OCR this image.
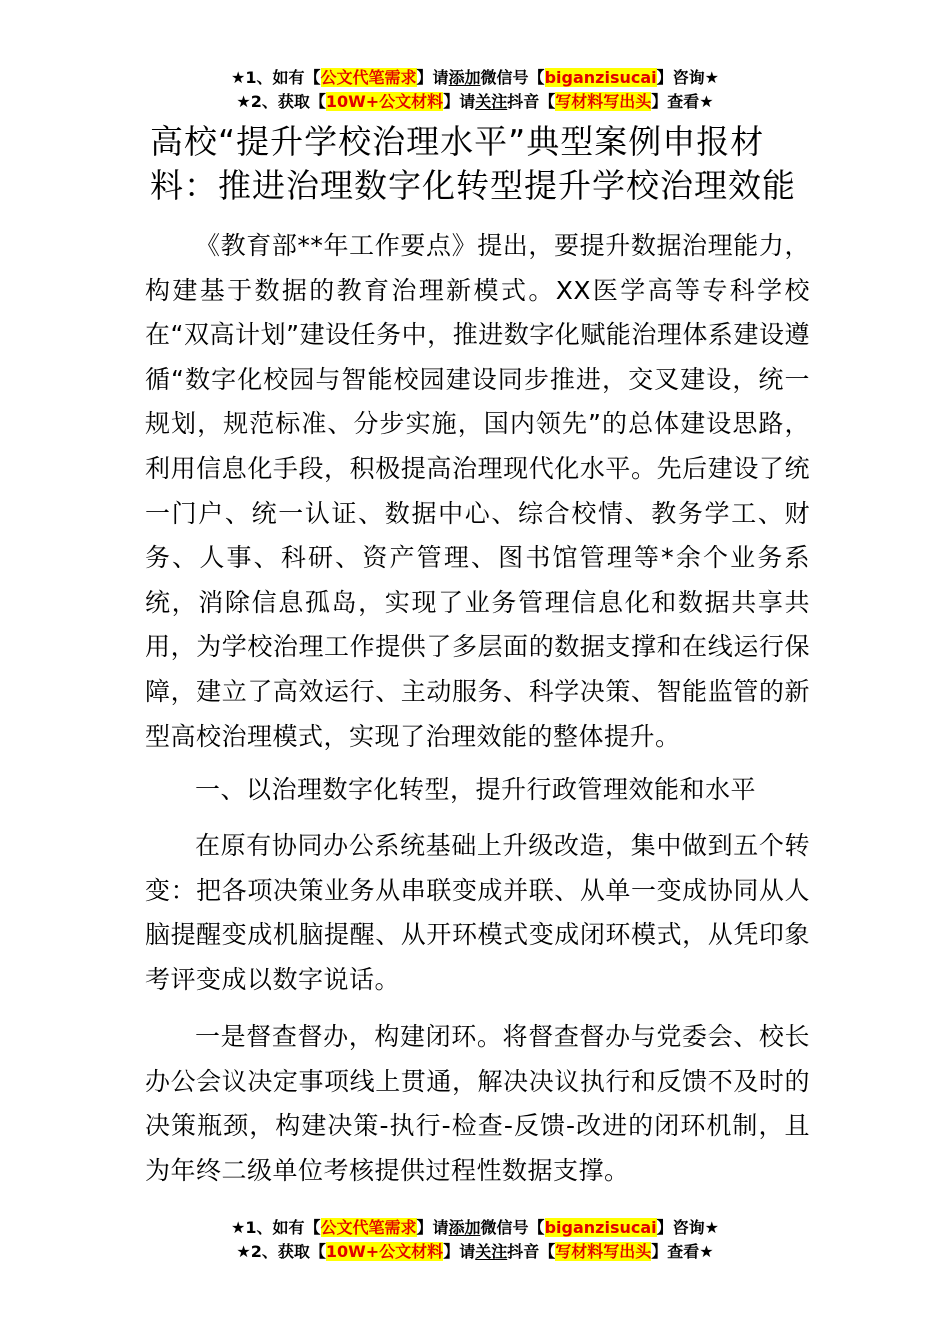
★1、如有【公文代笔需求】请添加微信号【biganzisucai】咨询★
★2、获取【10W+公文材料】请关注抖音【写材料写出头】查看★
高校“提升学校治理水平”典型案例申报材料：推进治理数字化转型提升学校治理效能

《教育部**年工作要点》提出，要提升数据治理能力，构建基于数据的教育治理新模式。XX医学高等专科学校在“双高计划”建设任务中，推进数字化赋能治理体系建设遵循“数字化校园与智能校园建设同步推进，交叉建设，统一规划，规范标准、分步实施，国内领先”的总体建设思路，利用信息化手段，积极提高治理现代化水平。先后建设了统一门户、统一认证、数据中心、综合校情、教务学工、财务、人事、科研、资产管理、图书馆管理等*余个业务系统，消除信息孤岛，实现了业务管理信息化和数据共享共用，为学校治理工作提供了多层面的数据支撑和在线运行保障，建立了高效运行、主动服务、科学决策、智能监管的新型高校治理模式，实现了治理效能的整体提升。

一、以治理数字化转型，提升行政管理效能和水平

在原有协同办公系统基础上升级改造，集中做到五个转变：把各项决策业务从串联变成并联、从单一变成协同从人脑提醒变成机脑提醒、从开环模式变成闭环模式，从凭印象考评变成以数字说话。

一是督查督办，构建闭环。将督查督办与党委会、校长办公会议决定事项线上贯通，解决决议执行和反馈不及时的决策瓶颈，构建决策-执行-检查-反馈-改进的闭环机制，且为年终二级单位考核提供过程性数据支撑。

★1、如有【公文代笔需求】请添加微信号【biganzisucai】咨询★
★2、获取【10W+公文材料】请关注抖音【写材料写出头】查看★
